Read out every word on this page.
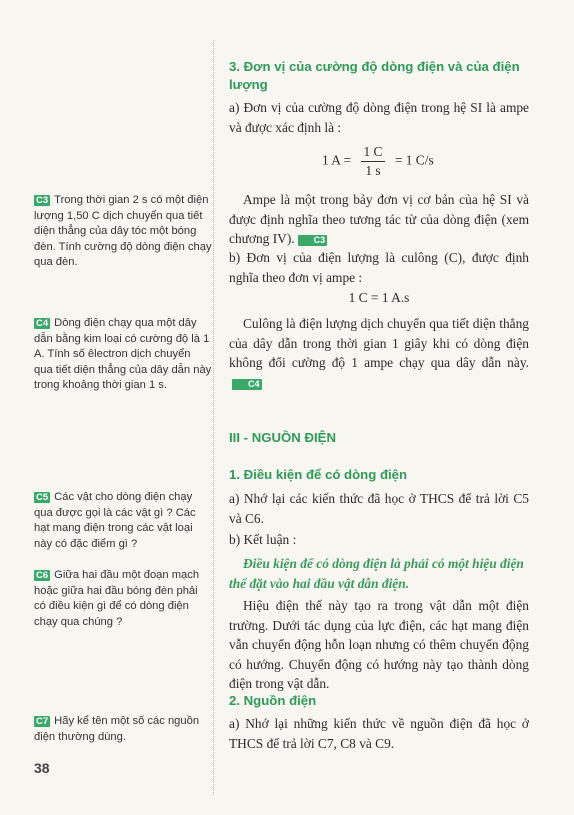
C3 Trong thời gian 2 s có một điện lượng 1,50 C dịch chuyển qua tiết diện thẳng của dây tóc một bóng đèn. Tính cường độ dòng điện chạy qua đèn.
C4 Dòng điện chạy qua một dây dẫn bằng kim loại có cường độ là 1 A. Tính số êlectron dịch chuyển qua tiết diện thẳng của dây dẫn này trong khoảng thời gian 1 s.
C5 Các vật cho dòng điện chạy qua được gọi là các vật gì ? Các hạt mang điện trong các vật loại này có đặc điểm gì ?
C6 Giữa hai đầu một đoạn mạch hoặc giữa hai đầu bóng đèn phải có điều kiện gì để có dòng điện chạy qua chúng ?
C7 Hãy kể tên một số các nguồn điện thường dùng.
3. Đơn vị của cường độ dòng điện và của điện lượng
a) Đơn vị của cường độ dòng điện trong hệ SI là ampe và được xác định là :
1 $A = \frac{1 C}{1 s} = 1$ C/s
Ampe là một trong bảy đơn vị cơ bản của hệ SI và được định nghĩa theo tương tác từ của dòng điện (xem chương IV). C3
b) Đơn vị của điện lượng là culông (C), được định nghĩa theo đơn vị ampe :
1 C = 1 A.s
Culông là điện lượng dịch chuyển qua tiết diện thẳng của dây dẫn trong thời gian 1 giây khi có dòng điện không đổi cường độ 1 ampe chạy qua dây dẫn này.C4
III - NGUỒN ĐIỆN
1. Điều kiện để có dòng điện
a) Nhớ lại các kiến thức đã học ở THCS để trả lời C5 và C6.
b) Kết luận :
Điều kiện để có dòng điện là phải có một hiệu điện thế đặt vào hai đầu vật dẫn điện.
Hiệu điện thế này tạo ra trong vật dẫn một điện trường. Dưới tác dụng của lực điện, các hạt mang điện vẫn chuyển động hỗn loạn nhưng có thêm chuyển động có hướng. Chuyển động có hướng này tạo thành dòng điện trong vật dẫn.
2. Nguồn điện
a) Nhớ lại những kiến thức về nguồn điện đã học ở THCS để trả lời C7, C8 và C9.
38
